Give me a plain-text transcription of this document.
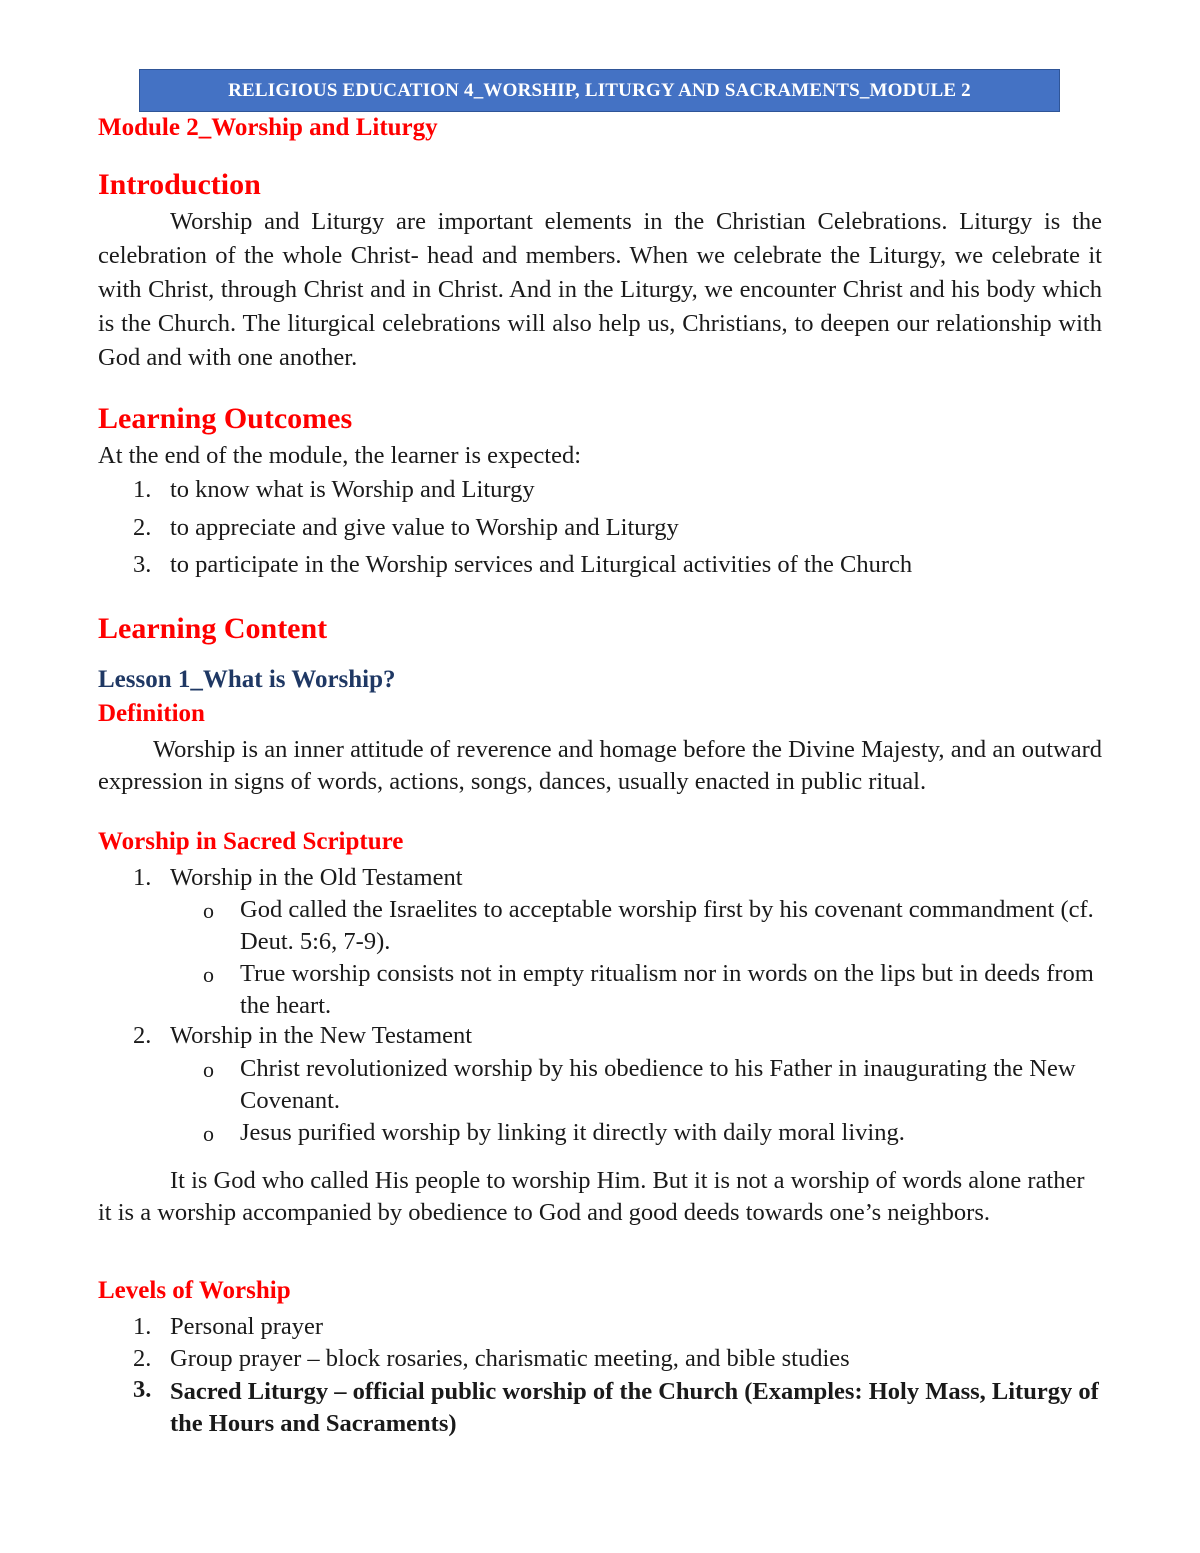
RELIGIOUS EDUCATION 4_WORSHIP, LITURGY AND SACRAMENTS_MODULE 2
Module 2_Worship and Liturgy
Introduction

Worship and Liturgy are important elements in the Christian Celebrations. Liturgy is the celebration of the whole Christ- head and members. When we celebrate the Liturgy, we celebrate it with Christ, through Christ and in Christ. And in the Liturgy, we encounter Christ and his body which is the Church. The liturgical celebrations will also help us, Christians, to deepen our relationship with God and with one another.

Learning Outcomes
At the end of the module, the learner is expected:
1. to know what is Worship and Liturgy
2. to appreciate and give value to Worship and Liturgy
3. to participate in the Worship services and Liturgical activities of the Church
Learning Content
Lesson 1_What is Worship?
Definition

Worship is an inner attitude of reverence and homage before the Divine Majesty, and an outward expression in signs of words, actions, songs, dances, usually enacted in public ritual.

Worship in Sacred Scripture
1. Worship in the Old Testament
o God called the Israelites to acceptable worship first by his covenant commandment (cf. Deut. 5:6, 7-9).
o True worship consists not in empty ritualism nor in words on the lips but in deeds from the heart.
2. Worship in the New Testament
o Christ revolutionized worship by his obedience to his Father in inaugurating the New Covenant.
o Jesus purified worship by linking it directly with daily moral living.

It is God who called His people to worship Him. But it is not a worship of words alone rather it is a worship accompanied by obedience to God and good deeds towards one’s neighbors.

Levels of Worship
1. Personal prayer
2. Group prayer – block rosaries, charismatic meeting, and bible studies
3. Sacred Liturgy – official public worship of the Church (Examples: Holy Mass, Liturgy of the Hours and Sacraments)
